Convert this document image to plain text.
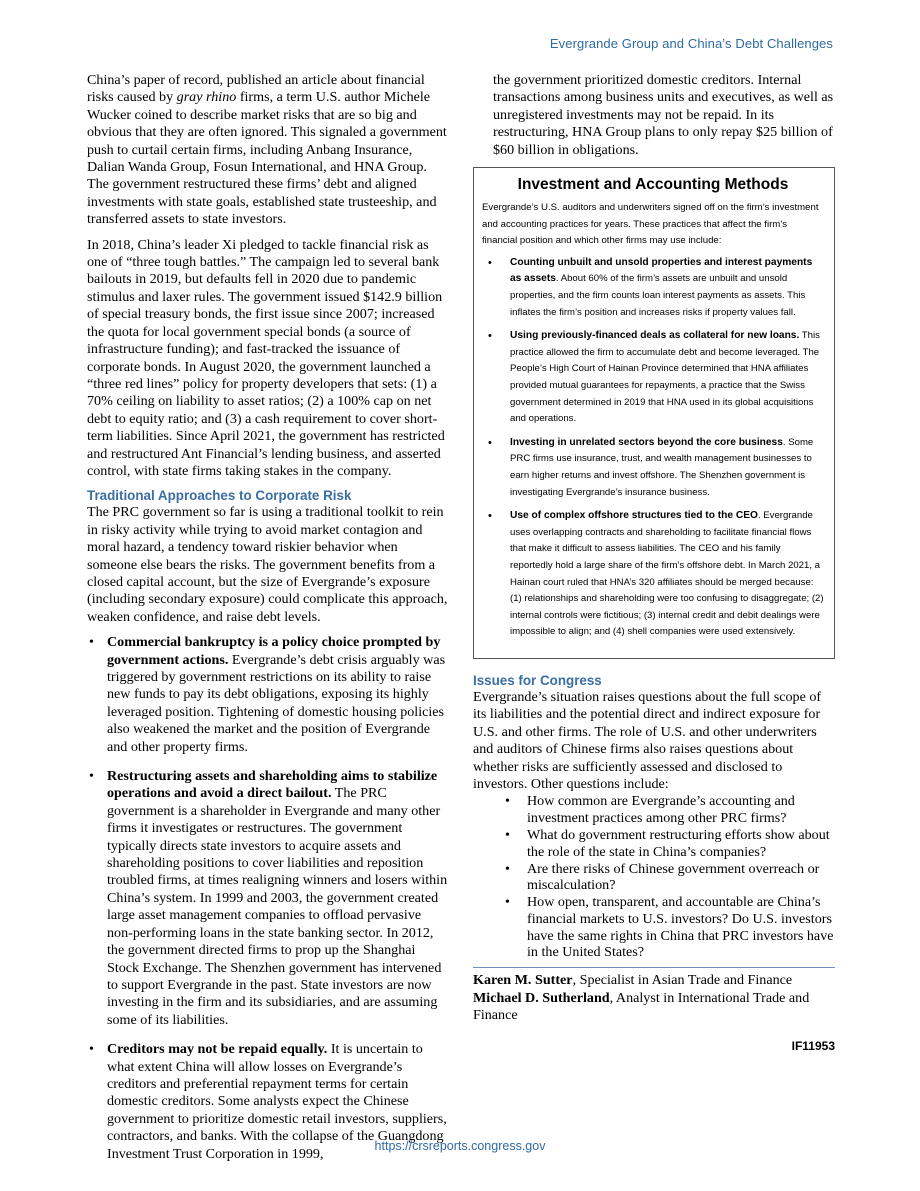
Evergrande Group and China’s Debt Challenges

China’s paper of record, published an article about financial risks caused by gray rhino firms, a term U.S. author Michele Wucker coined to describe market risks that are so big and obvious that they are often ignored. This signaled a government push to curtail certain firms, including Anbang Insurance, Dalian Wanda Group, Fosun International, and HNA Group. The government restructured these firms’ debt and aligned investments with state goals, established state trusteeship, and transferred assets to state investors.

In 2018, China’s leader Xi pledged to tackle financial risk as one of “three tough battles.” The campaign led to several bank bailouts in 2019, but defaults fell in 2020 due to pandemic stimulus and laxer rules. The government issued $142.9 billion of special treasury bonds, the first issue since 2007; increased the quota for local government special bonds (a source of infrastructure funding); and fast-tracked the issuance of corporate bonds. In August 2020, the government launched a “three red lines” policy for property developers that sets: (1) a 70% ceiling on liability to asset ratios; (2) a 100% cap on net debt to equity ratio; and (3) a cash requirement to cover short-term liabilities. Since April 2021, the government has restricted and restructured Ant Financial’s lending business, and asserted control, with state firms taking stakes in the company.

Traditional Approaches to Corporate Risk

The PRC government so far is using a traditional toolkit to rein in risky activity while trying to avoid market contagion and moral hazard, a tendency toward riskier behavior when someone else bears the risks. The government benefits from a closed capital account, but the size of Evergrande’s exposure (including secondary exposure) could complicate this approach, weaken confidence, and raise debt levels.

• Commercial bankruptcy is a policy choice prompted by government actions. Evergrande’s debt crisis arguably was triggered by government restrictions on its ability to raise new funds to pay its debt obligations, exposing its highly leveraged position. Tightening of domestic housing policies also weakened the market and the position of Evergrande and other property firms.
• Restructuring assets and shareholding aims to stabilize operations and avoid a direct bailout. The PRC government is a shareholder in Evergrande and many other firms it investigates or restructures. The government typically directs state investors to acquire assets and shareholding positions to cover liabilities and reposition troubled firms, at times realigning winners and losers within China’s system. In 1999 and 2003, the government created large asset management companies to offload pervasive non-performing loans in the state banking sector. In 2012, the government directed firms to prop up the Shanghai Stock Exchange. The Shenzhen government has intervened to support Evergrande in the past. State investors are now investing in the firm and its subsidiaries, and are assuming some of its liabilities.
• Creditors may not be repaid equally. It is uncertain to what extent China will allow losses on Evergrande’s creditors and preferential repayment terms for certain domestic creditors. Some analysts expect the Chinese government to prioritize domestic retail investors, suppliers, contractors, and banks. With the collapse of the Guangdong Investment Trust Corporation in 1999,

the government prioritized domestic creditors. Internal transactions among business units and executives, as well as unregistered investments may not be repaid. In its restructuring, HNA Group plans to only repay $25 billion of $60 billion in obligations.

Investment and Accounting Methods

Evergrande’s U.S. auditors and underwriters signed off on the firm’s investment and accounting practices for years. These practices that affect the firm’s financial position and which other firms may use include:

• Counting unbuilt and unsold properties and interest payments as assets. About 60% of the firm’s assets are unbuilt and unsold properties, and the firm counts loan interest payments as assets. This inflates the firm’s position and increases risks if property values fall.
• Using previously-financed deals as collateral for new loans. This practice allowed the firm to accumulate debt and become leveraged. The People’s High Court of Hainan Province determined that HNA affiliates provided mutual guarantees for repayments, a practice that the Swiss government determined in 2019 that HNA used in its global acquisitions and operations.
• Investing in unrelated sectors beyond the core business. Some PRC firms use insurance, trust, and wealth management businesses to earn higher returns and invest offshore. The Shenzhen government is investigating Evergrande’s insurance business.
• Use of complex offshore structures tied to the CEO. Evergrande uses overlapping contracts and shareholding to facilitate financial flows that make it difficult to assess liabilities. The CEO and his family reportedly hold a large share of the firm’s offshore debt. In March 2021, a Hainan court ruled that HNA’s 320 affiliates should be merged because: (1) relationships and shareholding were too confusing to disaggregate; (2) internal controls were fictitious; (3) internal credit and debit dealings were impossible to align; and (4) shell companies were used extensively.
Issues for Congress

Evergrande’s situation raises questions about the full scope of its liabilities and the potential direct and indirect exposure for U.S. and other firms. The role of U.S. and other underwriters and auditors of Chinese firms also raises questions about whether risks are sufficiently assessed and disclosed to investors. Other questions include:

• How common are Evergrande’s accounting and investment practices among other PRC firms?
• What do government restructuring efforts show about the role of the state in China’s companies?
• Are there risks of Chinese government overreach or miscalculation?
• How open, transparent, and accountable are China’s financial markets to U.S. investors? Do U.S. investors have the same rights in China that PRC investors have in the United States?

Karen M. Sutter, Specialist in Asian Trade and Finance

Michael D. Sutherland, Analyst in International Trade and Finance

IF11953
https://crsreports.congress.gov
